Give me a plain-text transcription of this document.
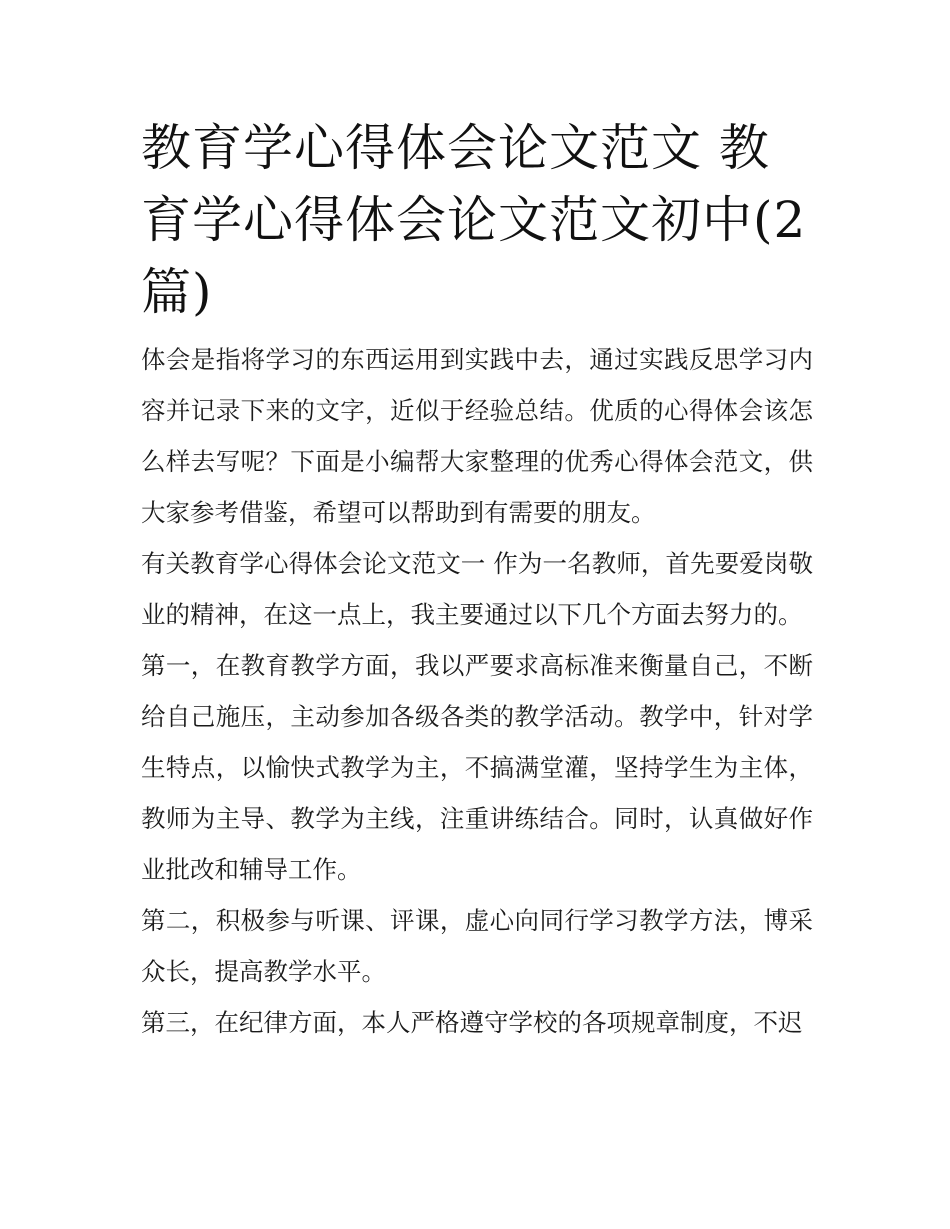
教育学心得体会论文范文 教育学心得体会论文范文初中(2篇)

体会是指将学习的东西运用到实践中去，通过实践反思学习内容并记录下来的文字，近似于经验总结。优质的心得体会该怎么样去写呢？下面是小编帮大家整理的优秀心得体会范文，供大家参考借鉴，希望可以帮助到有需要的朋友。

有关教育学心得体会论文范文一 作为一名教师，首先要爱岗敬业的精神，在这一点上，我主要通过以下几个方面去努力的。

第一，在教育教学方面，我以严要求高标准来衡量自己，不断给自己施压，主动参加各级各类的教学活动。教学中，针对学生特点，以愉快式教学为主，不搞满堂灌，坚持学生为主体，教师为主导、教学为主线，注重讲练结合。同时，认真做好作业批改和辅导工作。

第二，积极参与听课、评课，虚心向同行学习教学方法，博采众长，提高教学水平。

第三，在纪律方面，本人严格遵守学校的各项规章制度，不迟
